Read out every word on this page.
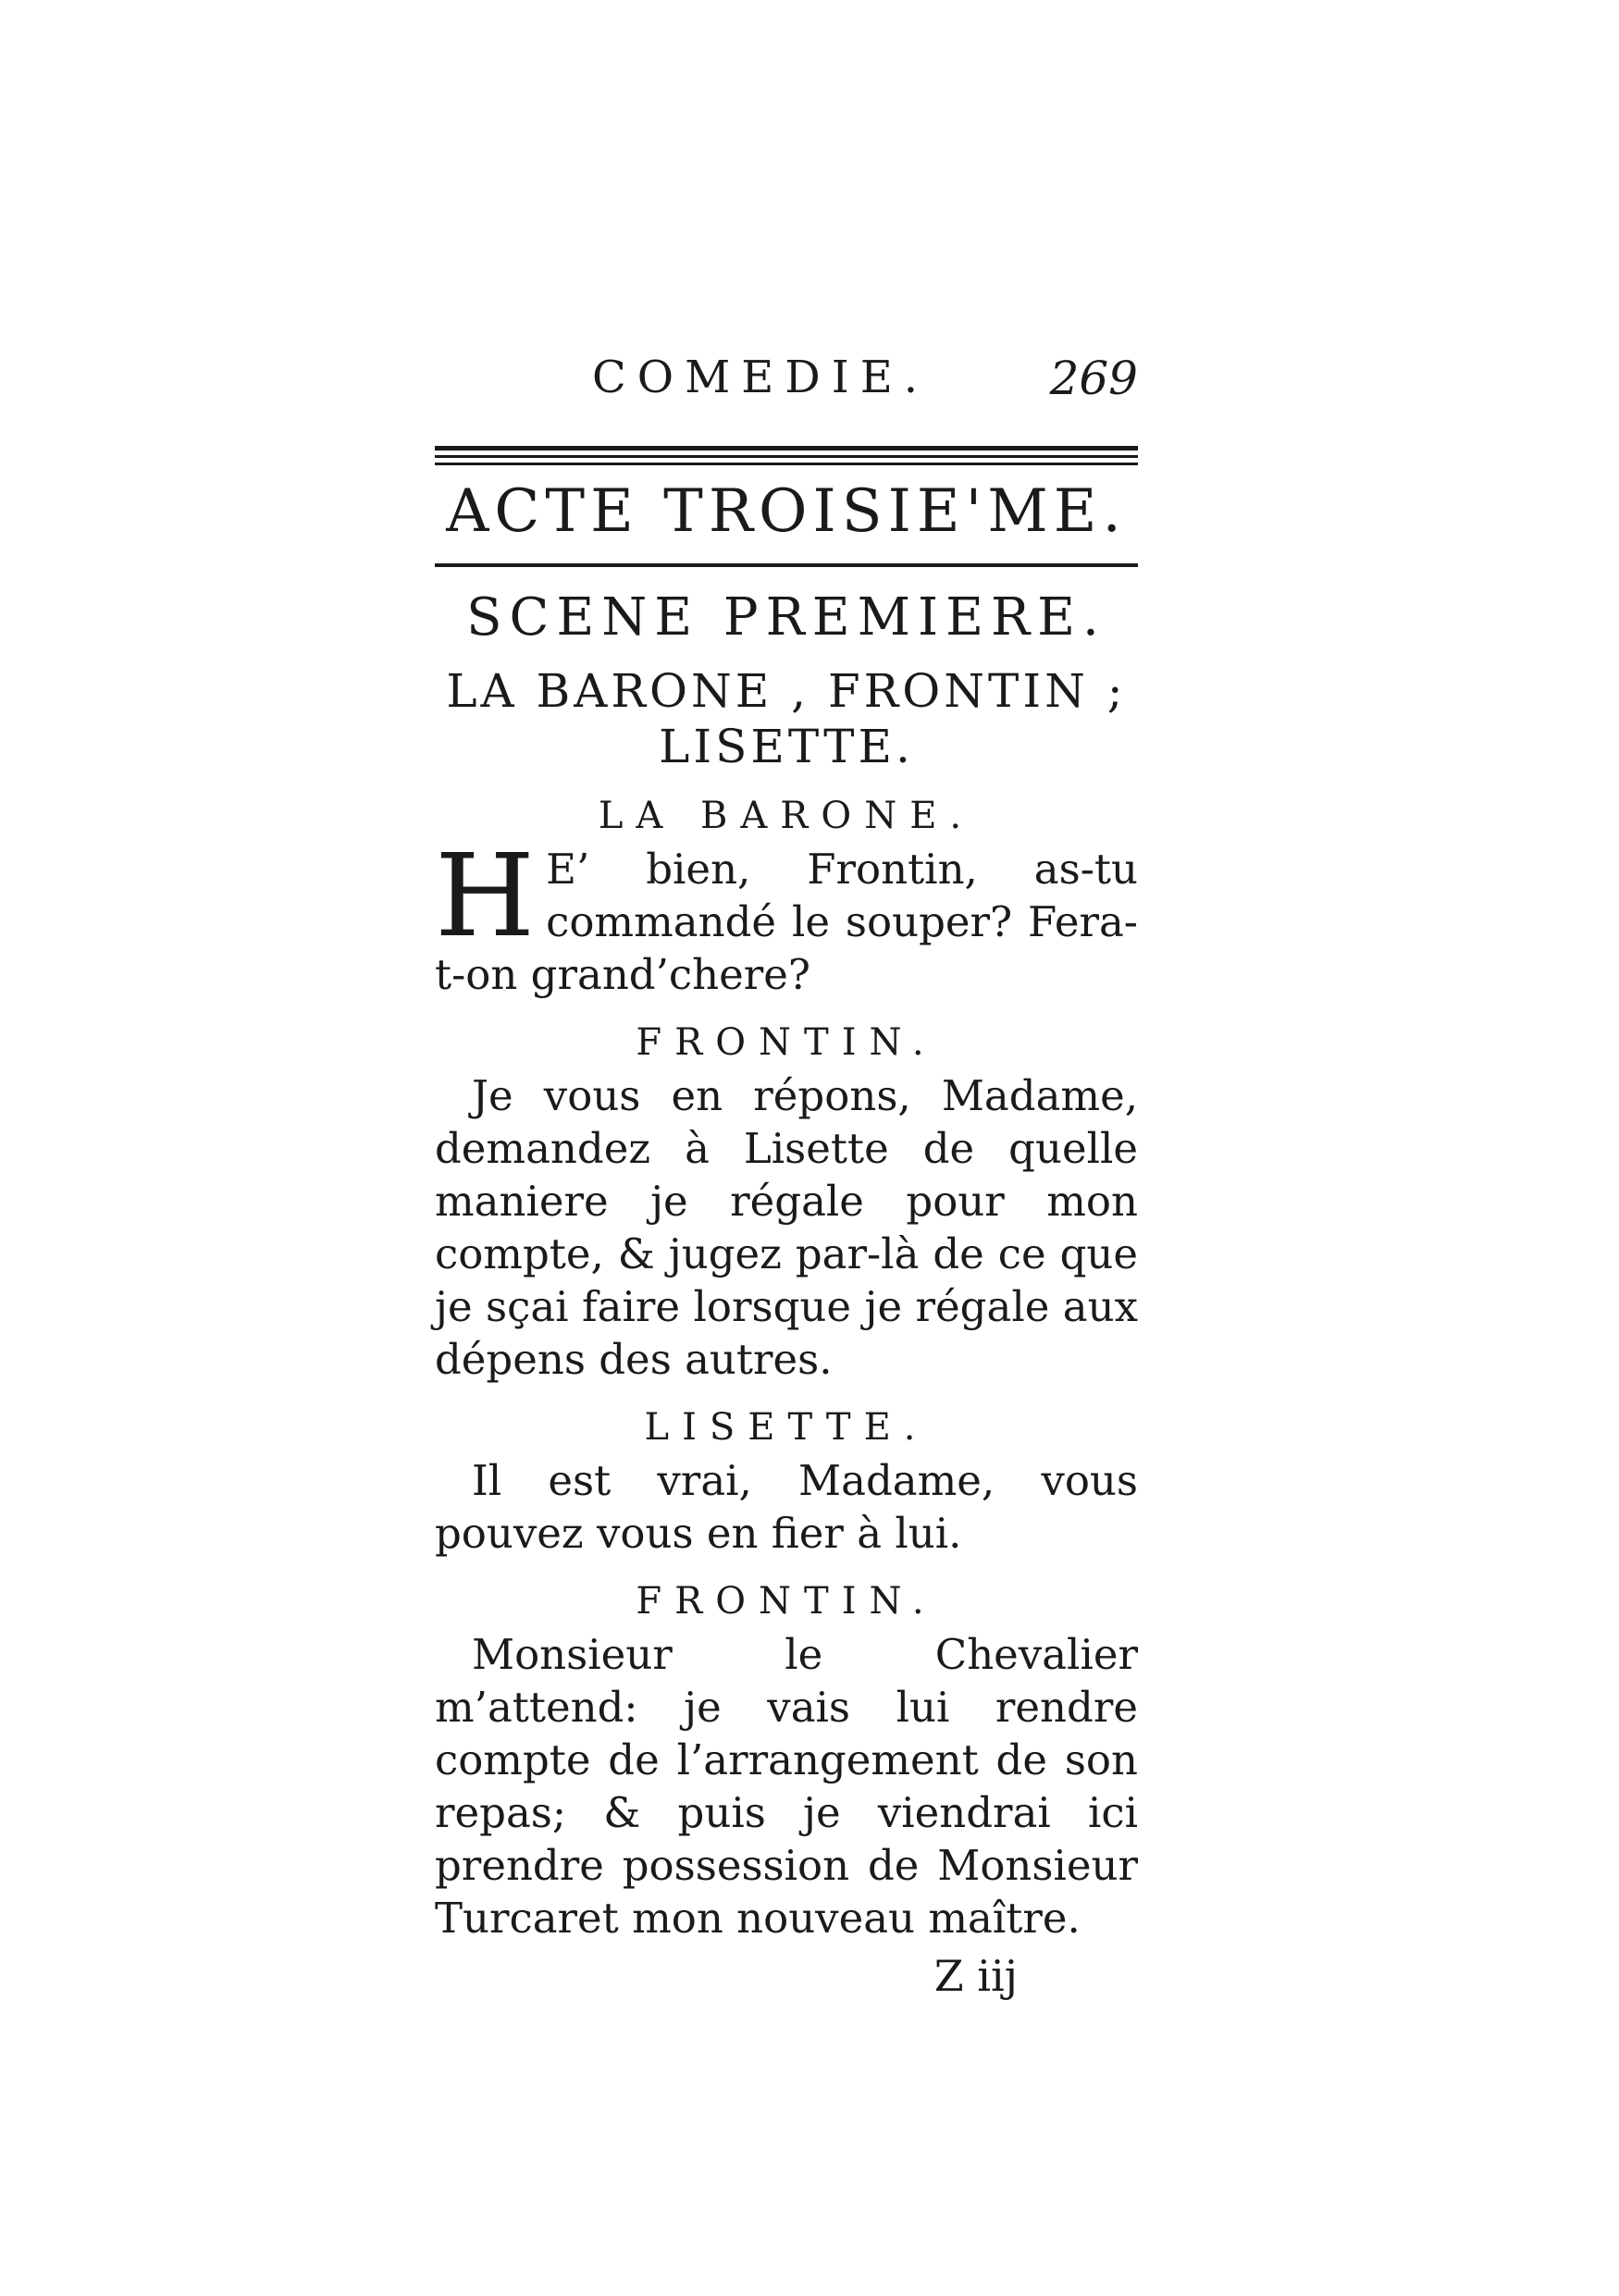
COMEDIE.	269
ACTE TROISIE'ME.
SCENE PREMIERE.
LA BARONE , FRONTIN ;
LISETTE.
LA BARONE.

H E’ bien, Frontin, as-tu commandé le souper? Fera-t-on grand’chere?

FRONTIN.

Je vous en répons, Madame, demandez à Lisette de quelle maniere je régale pour mon compte, & jugez par-là de ce que je sçai faire lorsque je régale aux dépens des autres.

LISETTE.

Il est vrai, Madame, vous pouvez vous en fier à lui.

FRONTIN.

Monsieur le Chevalier m’attend: je vais lui rendre compte de l’arrangement de son repas; & puis je viendrai ici prendre possession de Monsieur Turcaret mon nouveau maître.

Z iij
